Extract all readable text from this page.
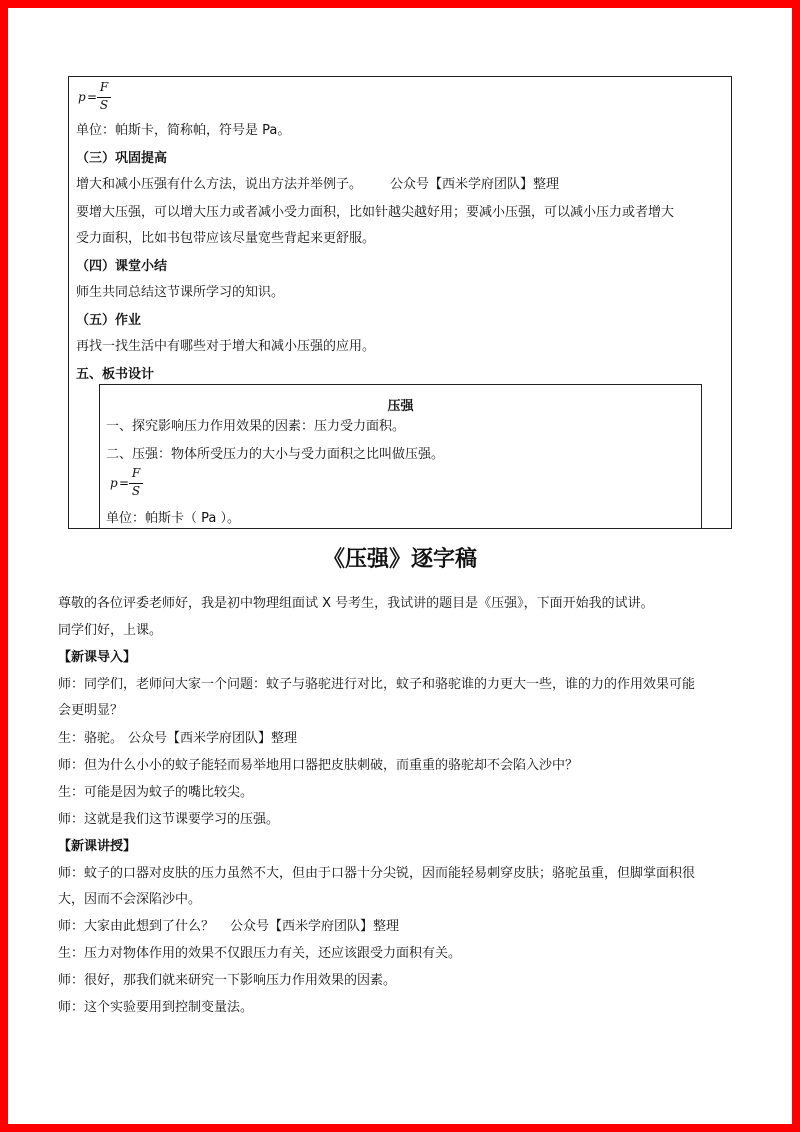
p =
F
S
单位：帕斯卡，简称帕，符号是 Pa。
（三）巩固提高
增大和减小压强有什么方法，说出方法并举例子。 公众号【西米学府团队】整理
要增大压强，可以增大压力或者减小受力面积，比如针越尖越好用；要减小压强，可以减小压力或者增大
受力面积，比如书包带应该尽量宽些背起来更舒服。
（四）课堂小结
师生共同总结这节课所学习的知识。
（五）作业
再找一找生活中有哪些对于增大和减小压强的应用。
五、板书设计
压强
一、探究影响压力作用效果的因素：压力受力面积。
二、压强：物体所受压力的大小与受力面积之比叫做压强。
p =
F
S
单位：帕斯卡（ Pa ）。
《压强》逐字稿
尊敬的各位评委老师好，我是初中物理组面试 X 号考生，我试讲的题目是《压强》，下面开始我的试讲。
同学们好，上课。
【新课导入】
师：同学们，老师问大家一个问题：蚊子与骆驼进行对比，蚊子和骆驼谁的力更大一些，谁的力的作用效果可能
会更明显？
生：骆驼。 公众号【西米学府团队】整理
师：但为什么小小的蚊子能轻而易举地用口器把皮肤刺破，而重重的骆驼却不会陷入沙中？
生：可能是因为蚊子的嘴比较尖。
师：这就是我们这节课要学习的压强。
【新课讲授】
师：蚊子的口器对皮肤的压力虽然不大，但由于口器十分尖锐，因而能轻易刺穿皮肤；骆驼虽重，但脚掌面积很
大，因而不会深陷沙中。
师：大家由此想到了什么？ 公众号【西米学府团队】整理
生：压力对物体作用的效果不仅跟压力有关，还应该跟受力面积有关。
师：很好，那我们就来研究一下影响压力作用效果的因素。
师：这个实验要用到控制变量法。
